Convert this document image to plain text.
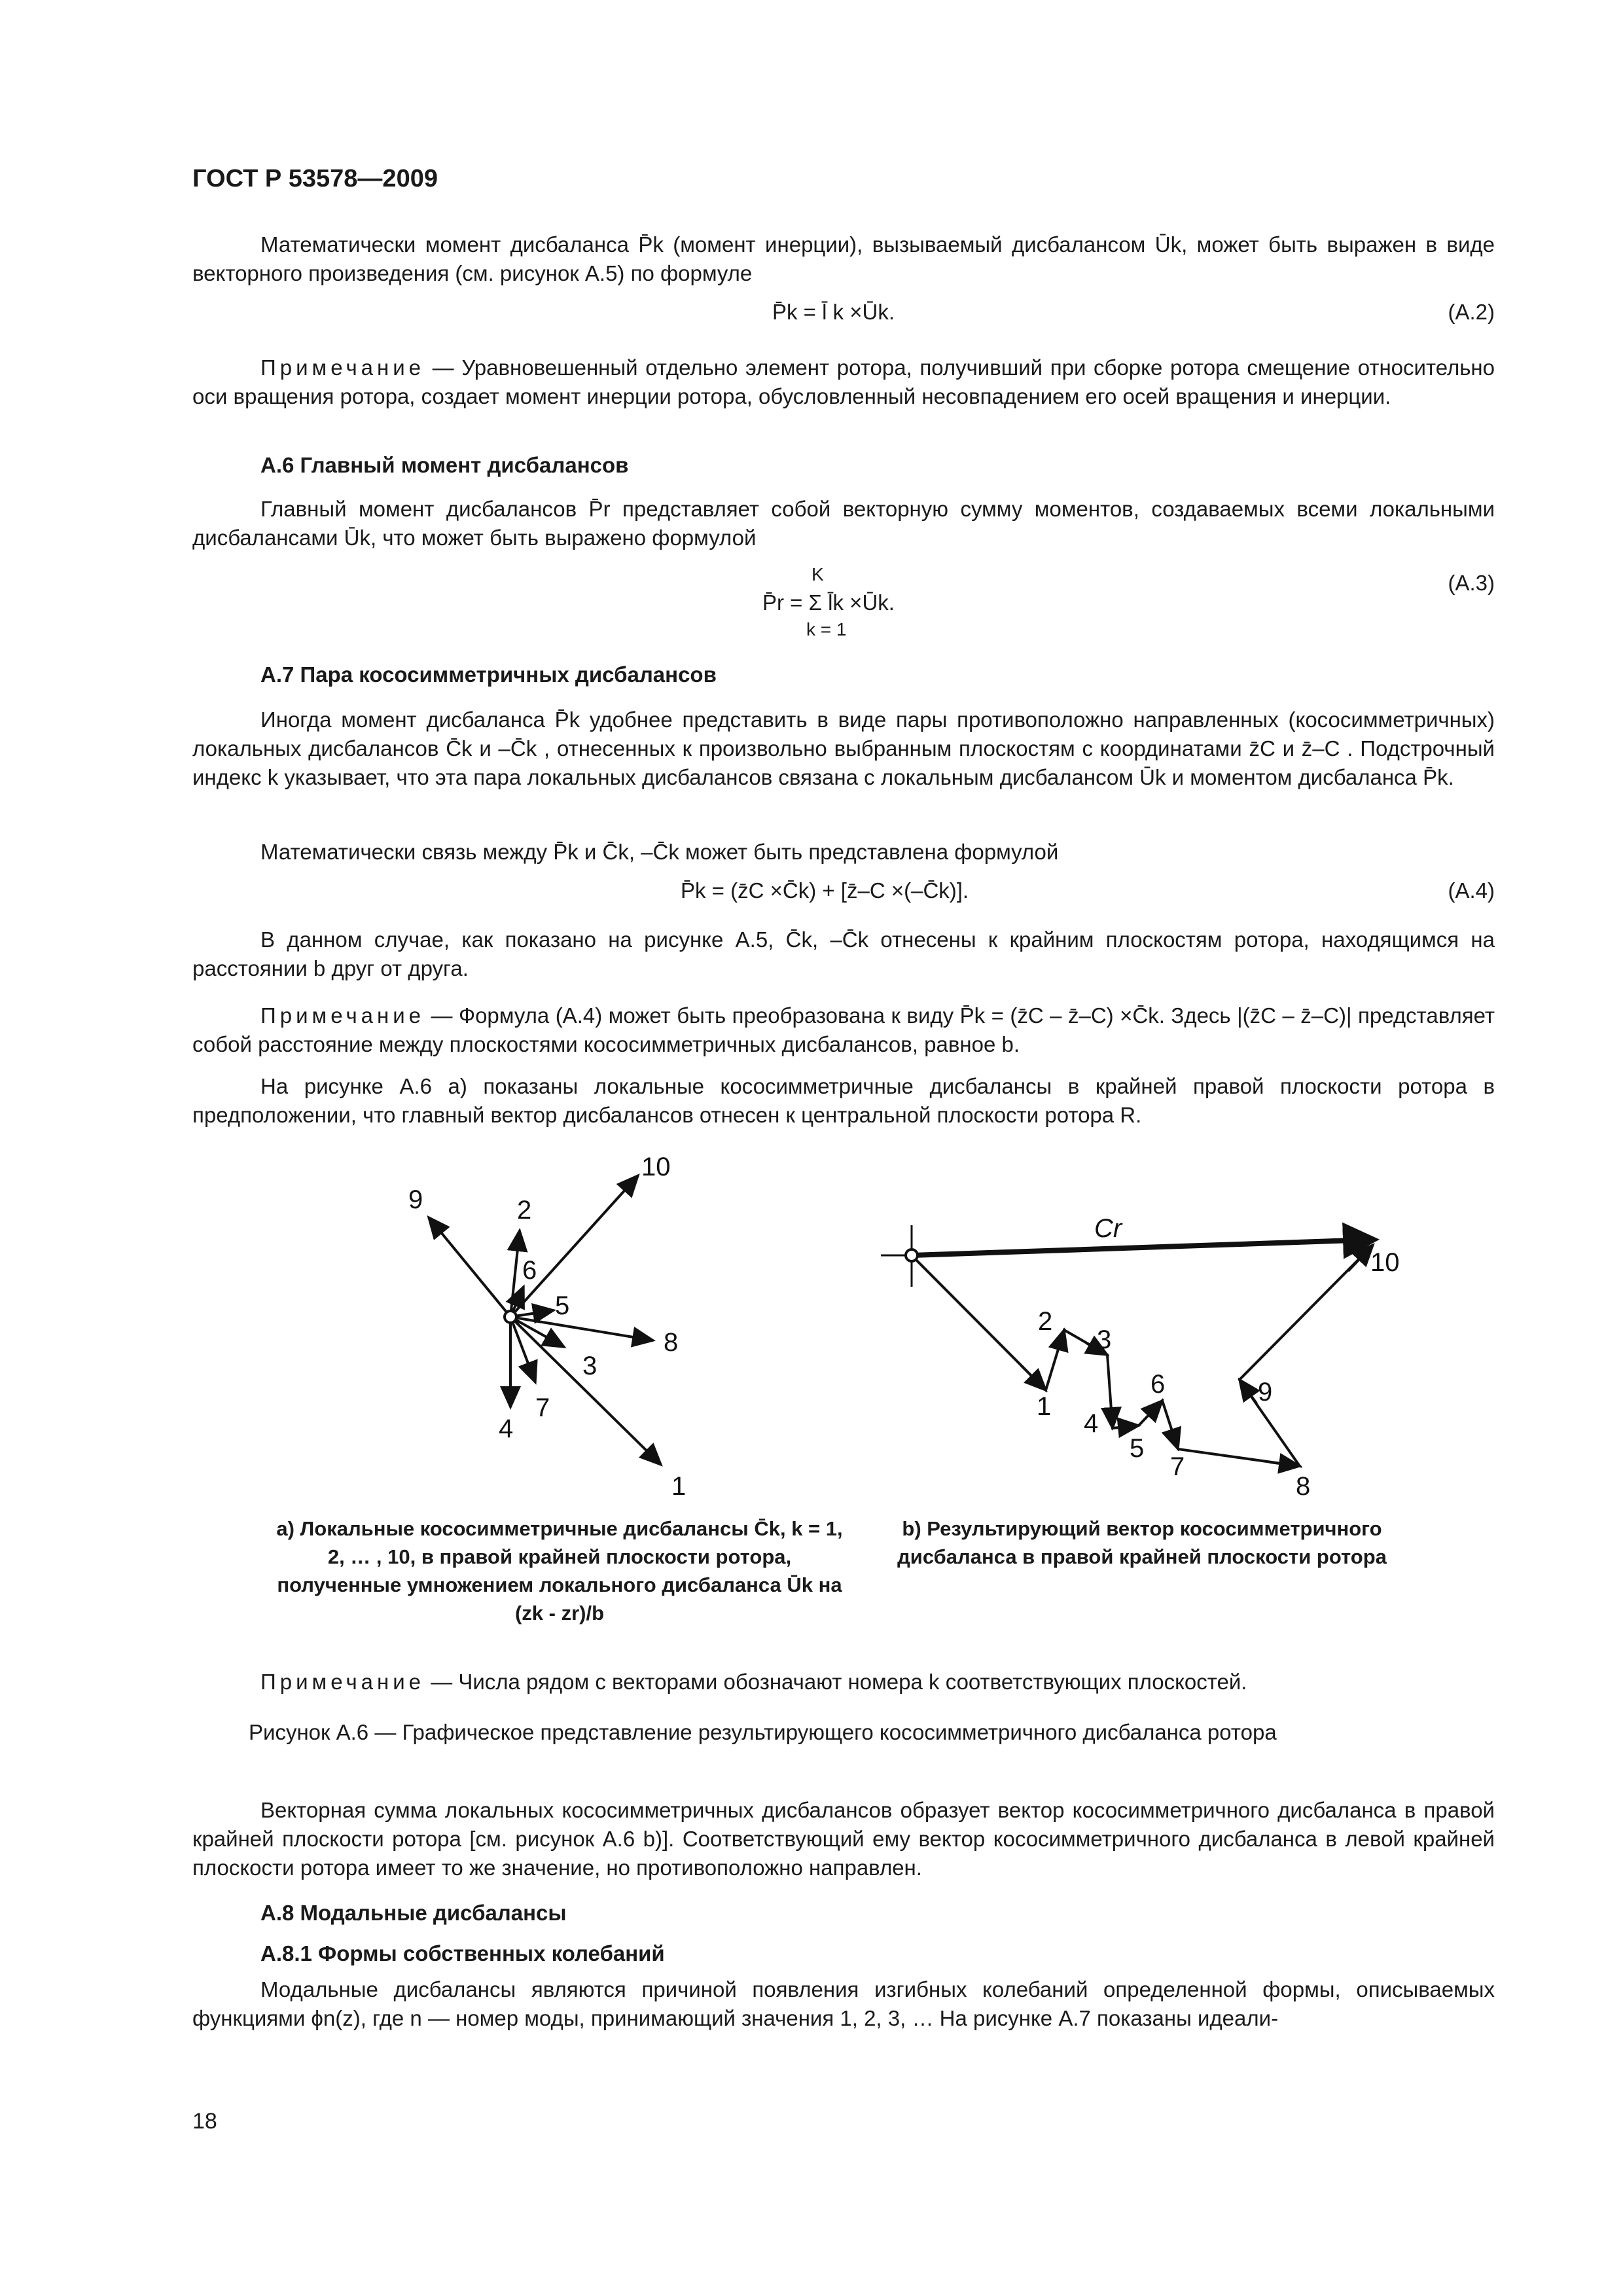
ГОСТ Р 53578—2009
Математически момент дисбаланса P̄k (момент инерции), вызываемый дисбалансом Ūk, может быть выражен в виде векторного произведения (см. рисунок А.5) по формуле
P̄k = l̄ k ×Ūk.	(А.2)
Примечание — Уравновешенный отдельно элемент ротора, получивший при сборке ротора смещение относительно оси вращения ротора, создает момент инерции ротора, обусловленный несовпадением его осей вращения и инерции.
А.6 Главный момент дисбалансов
Главный момент дисбалансов P̄r представляет собой векторную сумму моментов, создаваемых всеми локальными дисбалансами Ūk, что может быть выражено формулой
K
P̄r = Σ l̄k ×Ūk.
k = 1
(А.3)
А.7 Пара кососимметричных дисбалансов
Иногда момент дисбаланса P̄k удобнее представить в виде пары противоположно направленных (кососимметричных) локальных дисбалансов C̄k и –C̄k , отнесенных к произвольно выбранным плоскостям с координатами z̄C и z̄–C . Подстрочный индекс k указывает, что эта пара локальных дисбалансов связана с локальным дисбалансом Ūk и моментом дисбаланса P̄k.
Математически связь между P̄k и C̄k, –C̄k может быть представлена формулой
P̄k = (z̄C ×C̄k) + [z̄–C ×(–C̄k)].	(А.4)
В данном случае, как показано на рисунке А.5, C̄k, –C̄k отнесены к крайним плоскостям ротора, находящимся на расстоянии b друг от друга.
Примечание — Формула (А.4) может быть преобразована к виду P̄k = (z̄C – z̄–C) ×C̄k. Здесь |(z̄C – z̄–C)| представляет собой расстояние между плоскостями кососимметричных дисбалансов, равное b.
На рисунке А.6 а) показаны локальные кососимметричные дисбалансы в крайней правой плоскости ротора в предположении, что главный вектор дисбалансов отнесен к центральной плоскости ротора R.
1
2
3
4
5
6
7
8
9
10
Cr
1
2
3
4
5
6
7
8
9
10
а) Локальные кососимметричные дисбалансы C̄k, k = 1, 2, … , 10, в правой крайней плоскости ротора, полученные умножением локального дисбаланса Ūk на (zk - zr)/b
b) Результирующий вектор кососимметричного дисбаланса в правой крайней плоскости ротора
Примечание — Числа рядом с векторами обозначают номера k соответствующих плоскостей.
Рисунок А.6 — Графическое представление результирующего кососимметричного дисбаланса ротора
Векторная сумма локальных кососимметричных дисбалансов образует вектор кососимметричного дисбаланса в правой крайней плоскости ротора [см. рисунок А.6 b)]. Соответствующий ему вектор кососимметричного дисбаланса в левой крайней плоскости ротора имеет то же значение, но противоположно направлен.
А.8 Модальные дисбалансы
А.8.1 Формы собственных колебаний
Модальные дисбалансы являются причиной появления изгибных колебаний определенной формы, описываемых функциями ϕn(z), где n — номер моды, принимающий значения 1, 2, 3, … На рисунке А.7 показаны идеали-
18
